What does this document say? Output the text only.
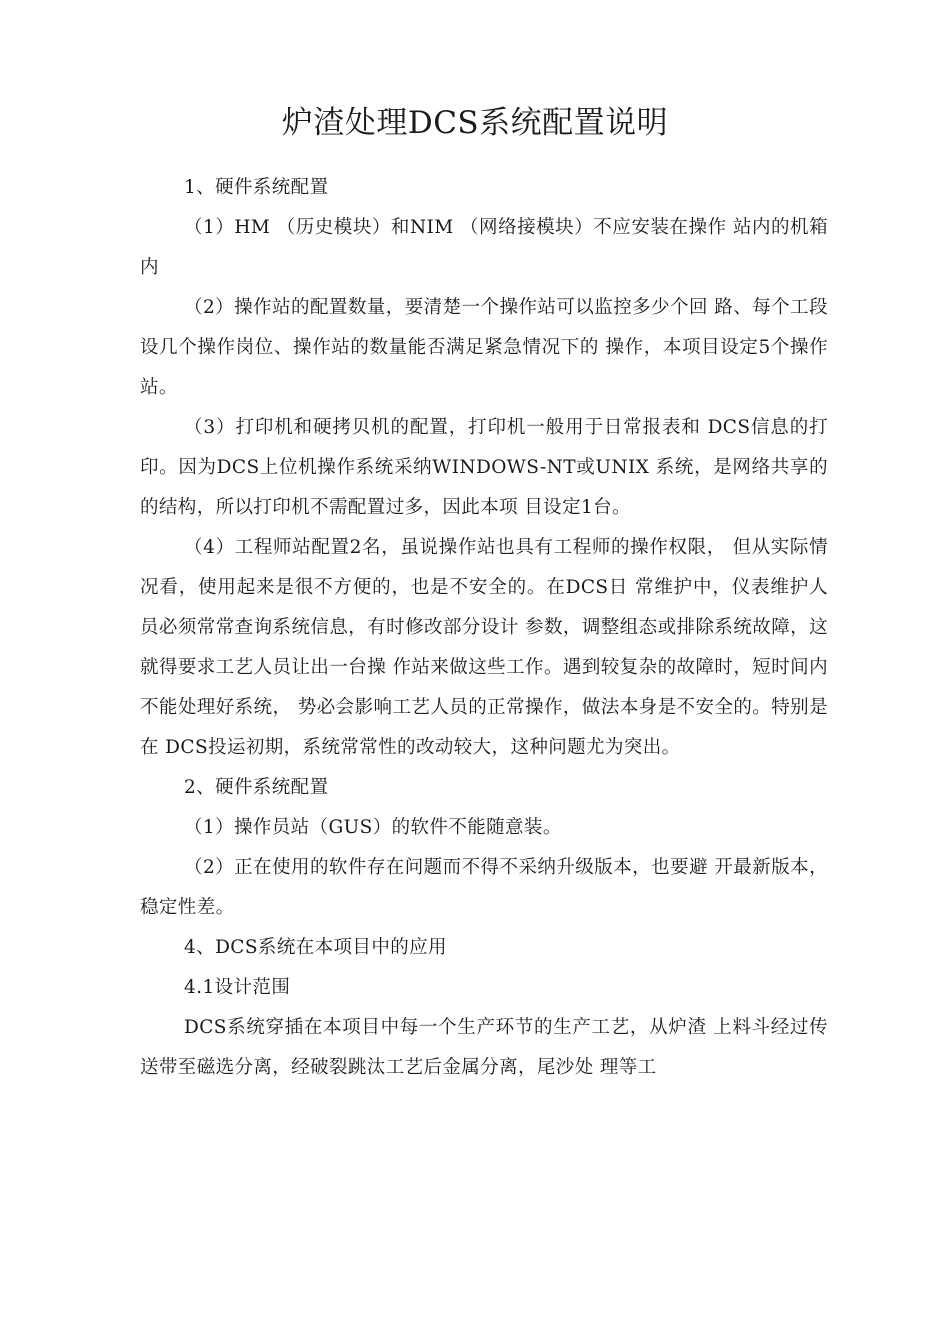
炉渣处理DCS系统配置说明

1、硬件系统配置

（1）HM （历史模块）和NIM （网络接模块）不应安装在操作 站内的机箱内

（2）操作站的配置数量，要清楚一个操作站可以监控多少个回 路、每个工段设几个操作岗位、操作站的数量能否满足紧急情况下的 操作，本项目设定5个操作站。

（3）打印机和硬拷贝机的配置，打印机一般用于日常报表和 DCS信息的打印。因为DCS上位机操作系统采纳WINDOWS-NT或UNIX 系统，是网络共享的的结构，所以打印机不需配置过多，因此本项 目设定1台。

（4）工程师站配置2名，虽说操作站也具有工程师的操作权限， 但从实际情况看，使用起来是很不方便的，也是不安全的。在DCS日 常维护中，仪表维护人员必须常常查询系统信息，有时修改部分设计 参数，调整组态或排除系统故障，这就得要求工艺人员让出一台操 作站来做这些工作。遇到较复杂的故障时，短时间内不能处理好系统， 势必会影响工艺人员的正常操作，做法本身是不安全的。特别是在 DCS投运初期，系统常常性的改动较大，这种问题尤为突出。

2、硬件系统配置

（1）操作员站（GUS）的软件不能随意装。

（2）正在使用的软件存在问题而不得不采纳升级版本，也要避 开最新版本，稳定性差。

4、DCS系统在本项目中的应用

4.1设计范围

DCS系统穿插在本项目中每一个生产环节的生产工艺，从炉渣 上料斗经过传送带至磁选分离，经破裂跳汰工艺后金属分离，尾沙处 理等工
